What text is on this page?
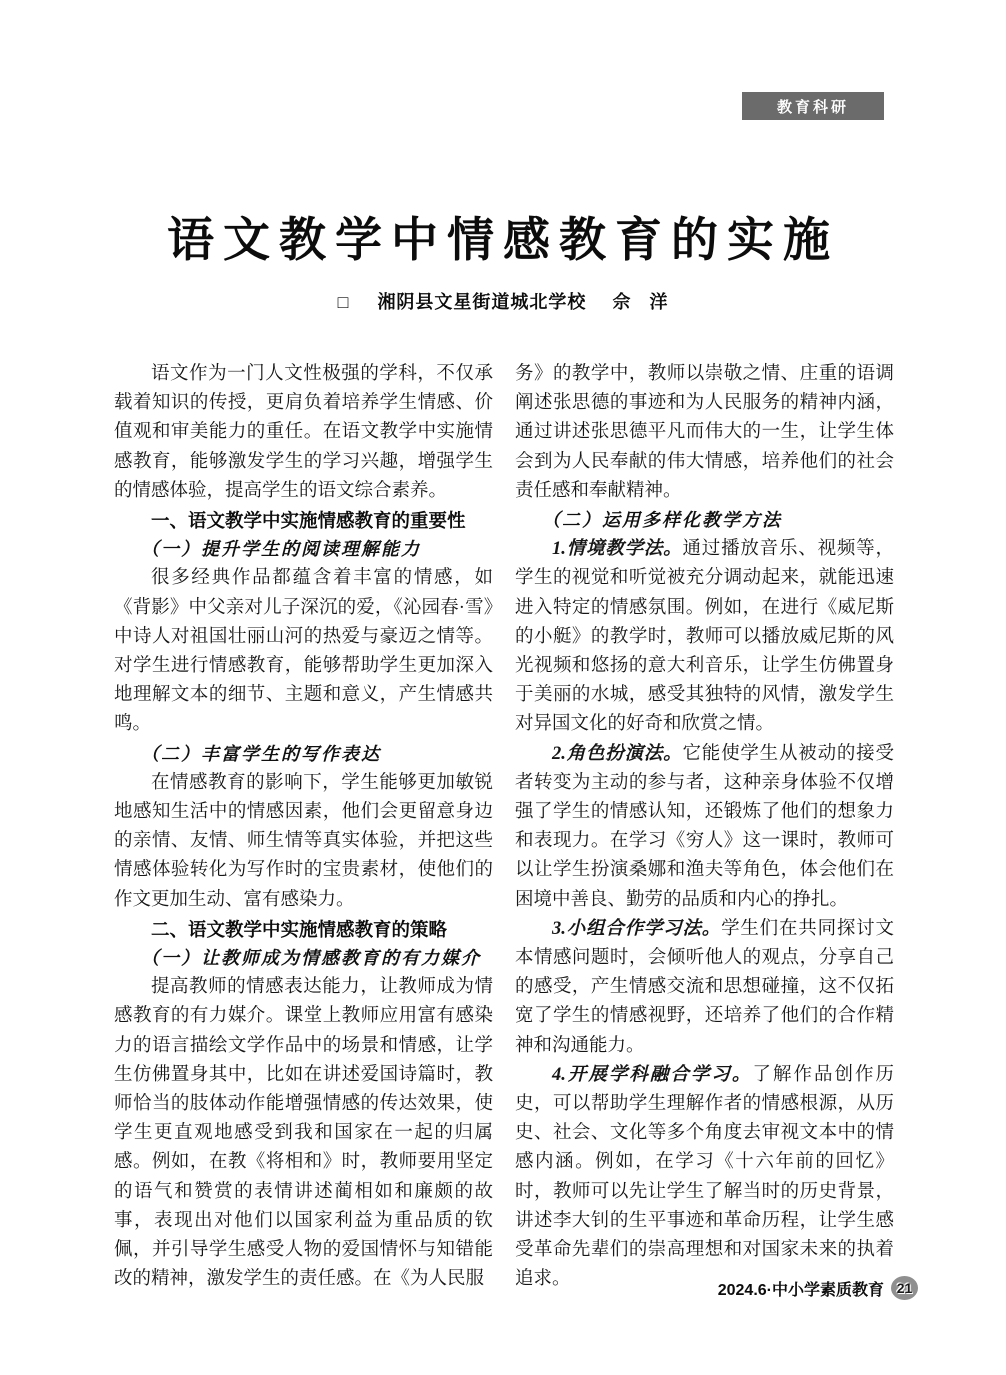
教育科研
语文教学中情感教育的实施
□ 湘阴县文星街道城北学校 佘 洋

语文作为一门人文性极强的学科，不仅承载着知识的传授，更肩负着培养学生情感、价值观和审美能力的重任。在语文教学中实施情感教育，能够激发学生的学习兴趣，增强学生的情感体验，提高学生的语文综合素养。

一、语文教学中实施情感教育的重要性
（一）提升学生的阅读理解能力

很多经典作品都蕴含着丰富的情感，如《背影》中父亲对儿子深沉的爱，《沁园春·雪》中诗人对祖国壮丽山河的热爱与豪迈之情等。对学生进行情感教育，能够帮助学生更加深入地理解文本的细节、主题和意义，产生情感共鸣。

（二）丰富学生的写作表达

在情感教育的影响下，学生能够更加敏锐地感知生活中的情感因素，他们会更留意身边的亲情、友情、师生情等真实体验，并把这些情感体验转化为写作时的宝贵素材，使他们的作文更加生动、富有感染力。

二、语文教学中实施情感教育的策略
（一）让教师成为情感教育的有力媒介

提高教师的情感表达能力，让教师成为情感教育的有力媒介。课堂上教师应用富有感染力的语言描绘文学作品中的场景和情感，让学生仿佛置身其中，比如在讲述爱国诗篇时，教师恰当的肢体动作能增强情感的传达效果，使学生更直观地感受到我和国家在一起的归属感。例如，在教《将相和》时，教师要用坚定的语气和赞赏的表情讲述蔺相如和廉颇的故事，表现出对他们以国家利益为重品质的钦佩，并引导学生感受人物的爱国情怀与知错能改的精神，激发学生的责任感。在《为人民服

务》的教学中，教师以崇敬之情、庄重的语调阐述张思德的事迹和为人民服务的精神内涵，通过讲述张思德平凡而伟大的一生，让学生体会到为人民奉献的伟大情感，培养他们的社会责任感和奉献精神。

（二）运用多样化教学方法

1.情境教学法。通过播放音乐、视频等，学生的视觉和听觉被充分调动起来，就能迅速进入特定的情感氛围。例如，在进行《威尼斯的小艇》的教学时，教师可以播放威尼斯的风光视频和悠扬的意大利音乐，让学生仿佛置身于美丽的水城，感受其独特的风情，激发学生对异国文化的好奇和欣赏之情。

2.角色扮演法。它能使学生从被动的接受者转变为主动的参与者，这种亲身体验不仅增强了学生的情感认知，还锻炼了他们的想象力和表现力。在学习《穷人》这一课时，教师可以让学生扮演桑娜和渔夫等角色，体会他们在困境中善良、勤劳的品质和内心的挣扎。

3.小组合作学习法。学生们在共同探讨文本情感问题时，会倾听他人的观点，分享自己的感受，产生情感交流和思想碰撞，这不仅拓宽了学生的情感视野，还培养了他们的合作精神和沟通能力。

4.开展学科融合学习。了解作品创作历史，可以帮助学生理解作者的情感根源，从历史、社会、文化等多个角度去审视文本中的情感内涵。例如，在学习《十六年前的回忆》时，教师可以先让学生了解当时的历史背景，讲述李大钊的生平事迹和革命历程，让学生感受革命先辈们的崇高理想和对国家未来的执着追求。

2024.6·中小学素质教育 21
